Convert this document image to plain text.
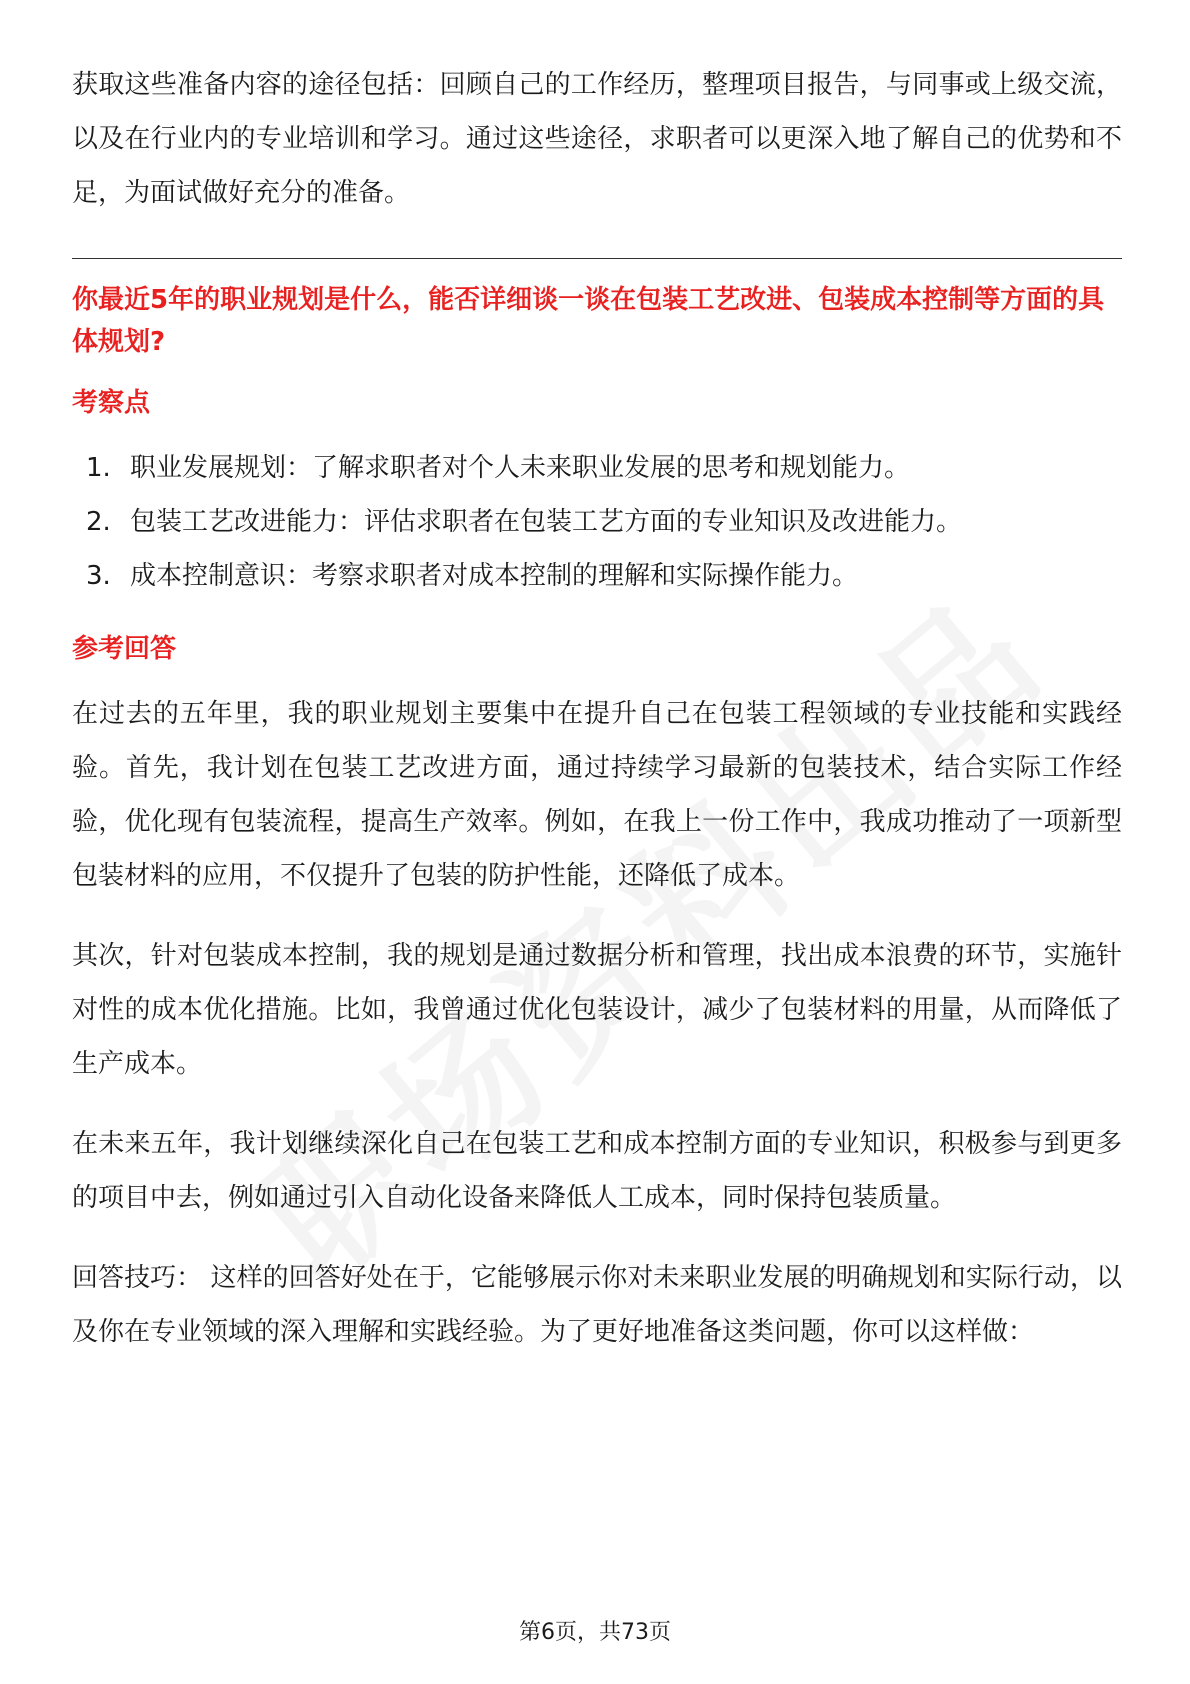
获取这些准备内容的途径包括：回顾自己的工作经历，整理项目报告，与同事或上级交流，以及在行业内的专业培训和学习。通过这些途径，求职者可以更深入地了解自己的优势和不足，为面试做好充分的准备。

你最近5年的职业规划是什么，能否详细谈一谈在包装工艺改进、包装成本控制等方面的具体规划?
考察点
1. 职业发展规划：了解求职者对个人未来职业发展的思考和规划能力。
2. 包装工艺改进能力：评估求职者在包装工艺方面的专业知识及改进能力。
3. 成本控制意识：考察求职者对成本控制的理解和实际操作能力。
参考回答

在过去的五年里，我的职业规划主要集中在提升自己在包装工程领域的专业技能和实践经验。首先，我计划在包装工艺改进方面，通过持续学习最新的包装技术，结合实际工作经验，优化现有包装流程，提高生产效率。例如，在我上一份工作中，我成功推动了一项新型包装材料的应用，不仅提升了包装的防护性能，还降低了成本。

其次，针对包装成本控制，我的规划是通过数据分析和管理，找出成本浪费的环节，实施针对性的成本优化措施。比如，我曾通过优化包装设计，减少了包装材料的用量，从而降低了生产成本。

在未来五年，我计划继续深化自己在包装工艺和成本控制方面的专业知识，积极参与到更多的项目中去，例如通过引入自动化设备来降低人工成本，同时保持包装质量。

回答技巧： 这样的回答好处在于，它能够展示你对未来职业发展的明确规划和实际行动，以及你在专业领域的深入理解和实践经验。为了更好地准备这类问题，你可以这样做：

第6页，共73页
